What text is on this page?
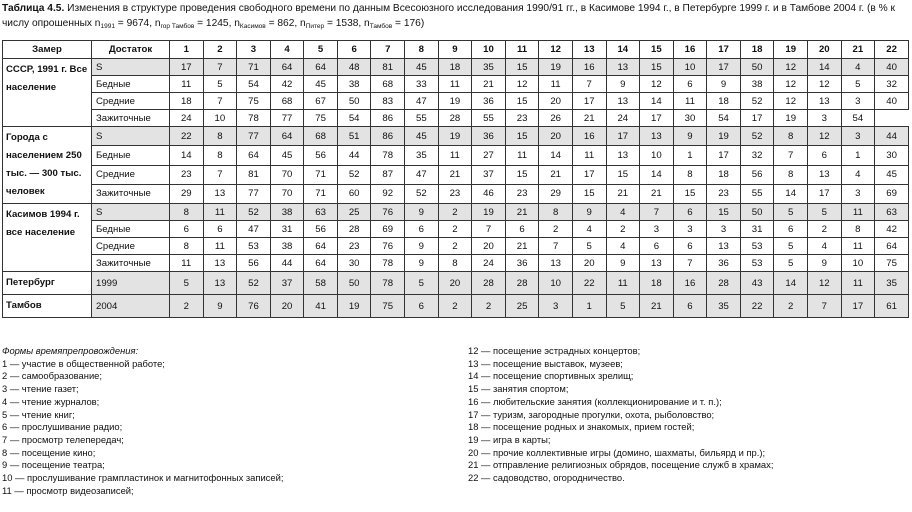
Таблица 4.5. Изменения в структуре проведения свободного времени по данным Всесоюзного исследования 1990/91 гг., в Касимове 1994 г., в Петербурге 1999 г. и в Тамбове 2004 г. (в % к числу опрошенных $n_{1991} = 9674$, $n_{гор Тамбов} = 1245$, $n_{Касимов} = 862$, $n_{Питер} = 1538$, $n_{Тамбов} = 176$)
Замер	Достаток	1	2	3	4	5	6	7	8	9	10	11	12	13	14	15	16	17	18	19	20	21	22
СССР, 1991 г. Все население	S	17	7	71	64	64	48	81	45	18	35	15	19	16	13	15	10	17	50	12	14	4	40
	Бедные	11	5	54	42	45	38	68	33	11	21	12	11	7	9	12	6	9	38	12	12	5	32
	Средние	18	7	75	68	67	50	83	47	19	36	15	20	17	13	14	11	18	52	12	13	3	40
	Зажиточные	24	10	78	77	75	54	86	55	28	55	23	26	21	24	17	30	54	17	19	3	54	
Города с населением 250 тыс. — 300 тыс. человек	S	22	8	77	64	68	51	86	45	19	36	15	20	16	17	13	9	19	52	8	12	3	44
	Бедные	14	8	64	45	56	44	78	35	11	27	11	14	11	13	10	1	17	32	7	6	1	30
	Средние	23	7	81	70	71	52	87	47	21	37	15	21	17	15	14	8	18	56	8	13	4	45
	Зажиточные	29	13	77	70	71	60	92	52	23	46	23	29	15	21	21	15	23	55	14	17	3	69
Касимов 1994 г. все население	S	8	11	52	38	63	25	76	9	2	19	21	8	9	4	7	6	15	50	5	5	11	63
	Бедные	6	6	47	31	56	28	69	6	2	7	6	2	4	2	3	3	3	31	6	2	8	42
	Средние	8	11	53	38	64	23	76	9	2	20	21	7	5	4	6	6	13	53	5	4	11	64
	Зажиточные	11	13	56	44	64	30	78	9	8	24	36	13	20	9	13	7	36	53	5	9	10	75
Петербург	1999	5	13	52	37	58	50	78	5	20	28	28	10	22	11	18	16	28	43	14	12	11	35
Тамбов	2004	2	9	76	20	41	19	75	6	2	2	25	3	1	5	21	6	35	22	2	7	17	61
Формы времяпрепровождения:
1 — участие в общественной работе;
2 — самообразование;
3 — чтение газет;
4 — чтение журналов;
5 — чтение книг;
6 — прослушивание радио;
7 — просмотр телепередач;
8 — посещение кино;
9 — посещение театра;
10 — прослушивание грампластинок и магнитофонных записей;
11 — просмотр видеозаписей;
12 — посещение эстрадных концертов;
13 — посещение выставок, музеев;
14 — посещение спортивных зрелищ;
15 — занятия спортом;
16 — любительские занятия (коллекционирование и т. п.);
17 — туризм, загородные прогулки, охота, рыболовство;
18 — посещение родных и знакомых, прием гостей;
19 — игра в карты;
20 — прочие коллективные игры (домино, шахматы, бильярд и пр.);
21 — отправление религиозных обрядов, посещение служб в храмах;
22 — садоводство, огородничество.
